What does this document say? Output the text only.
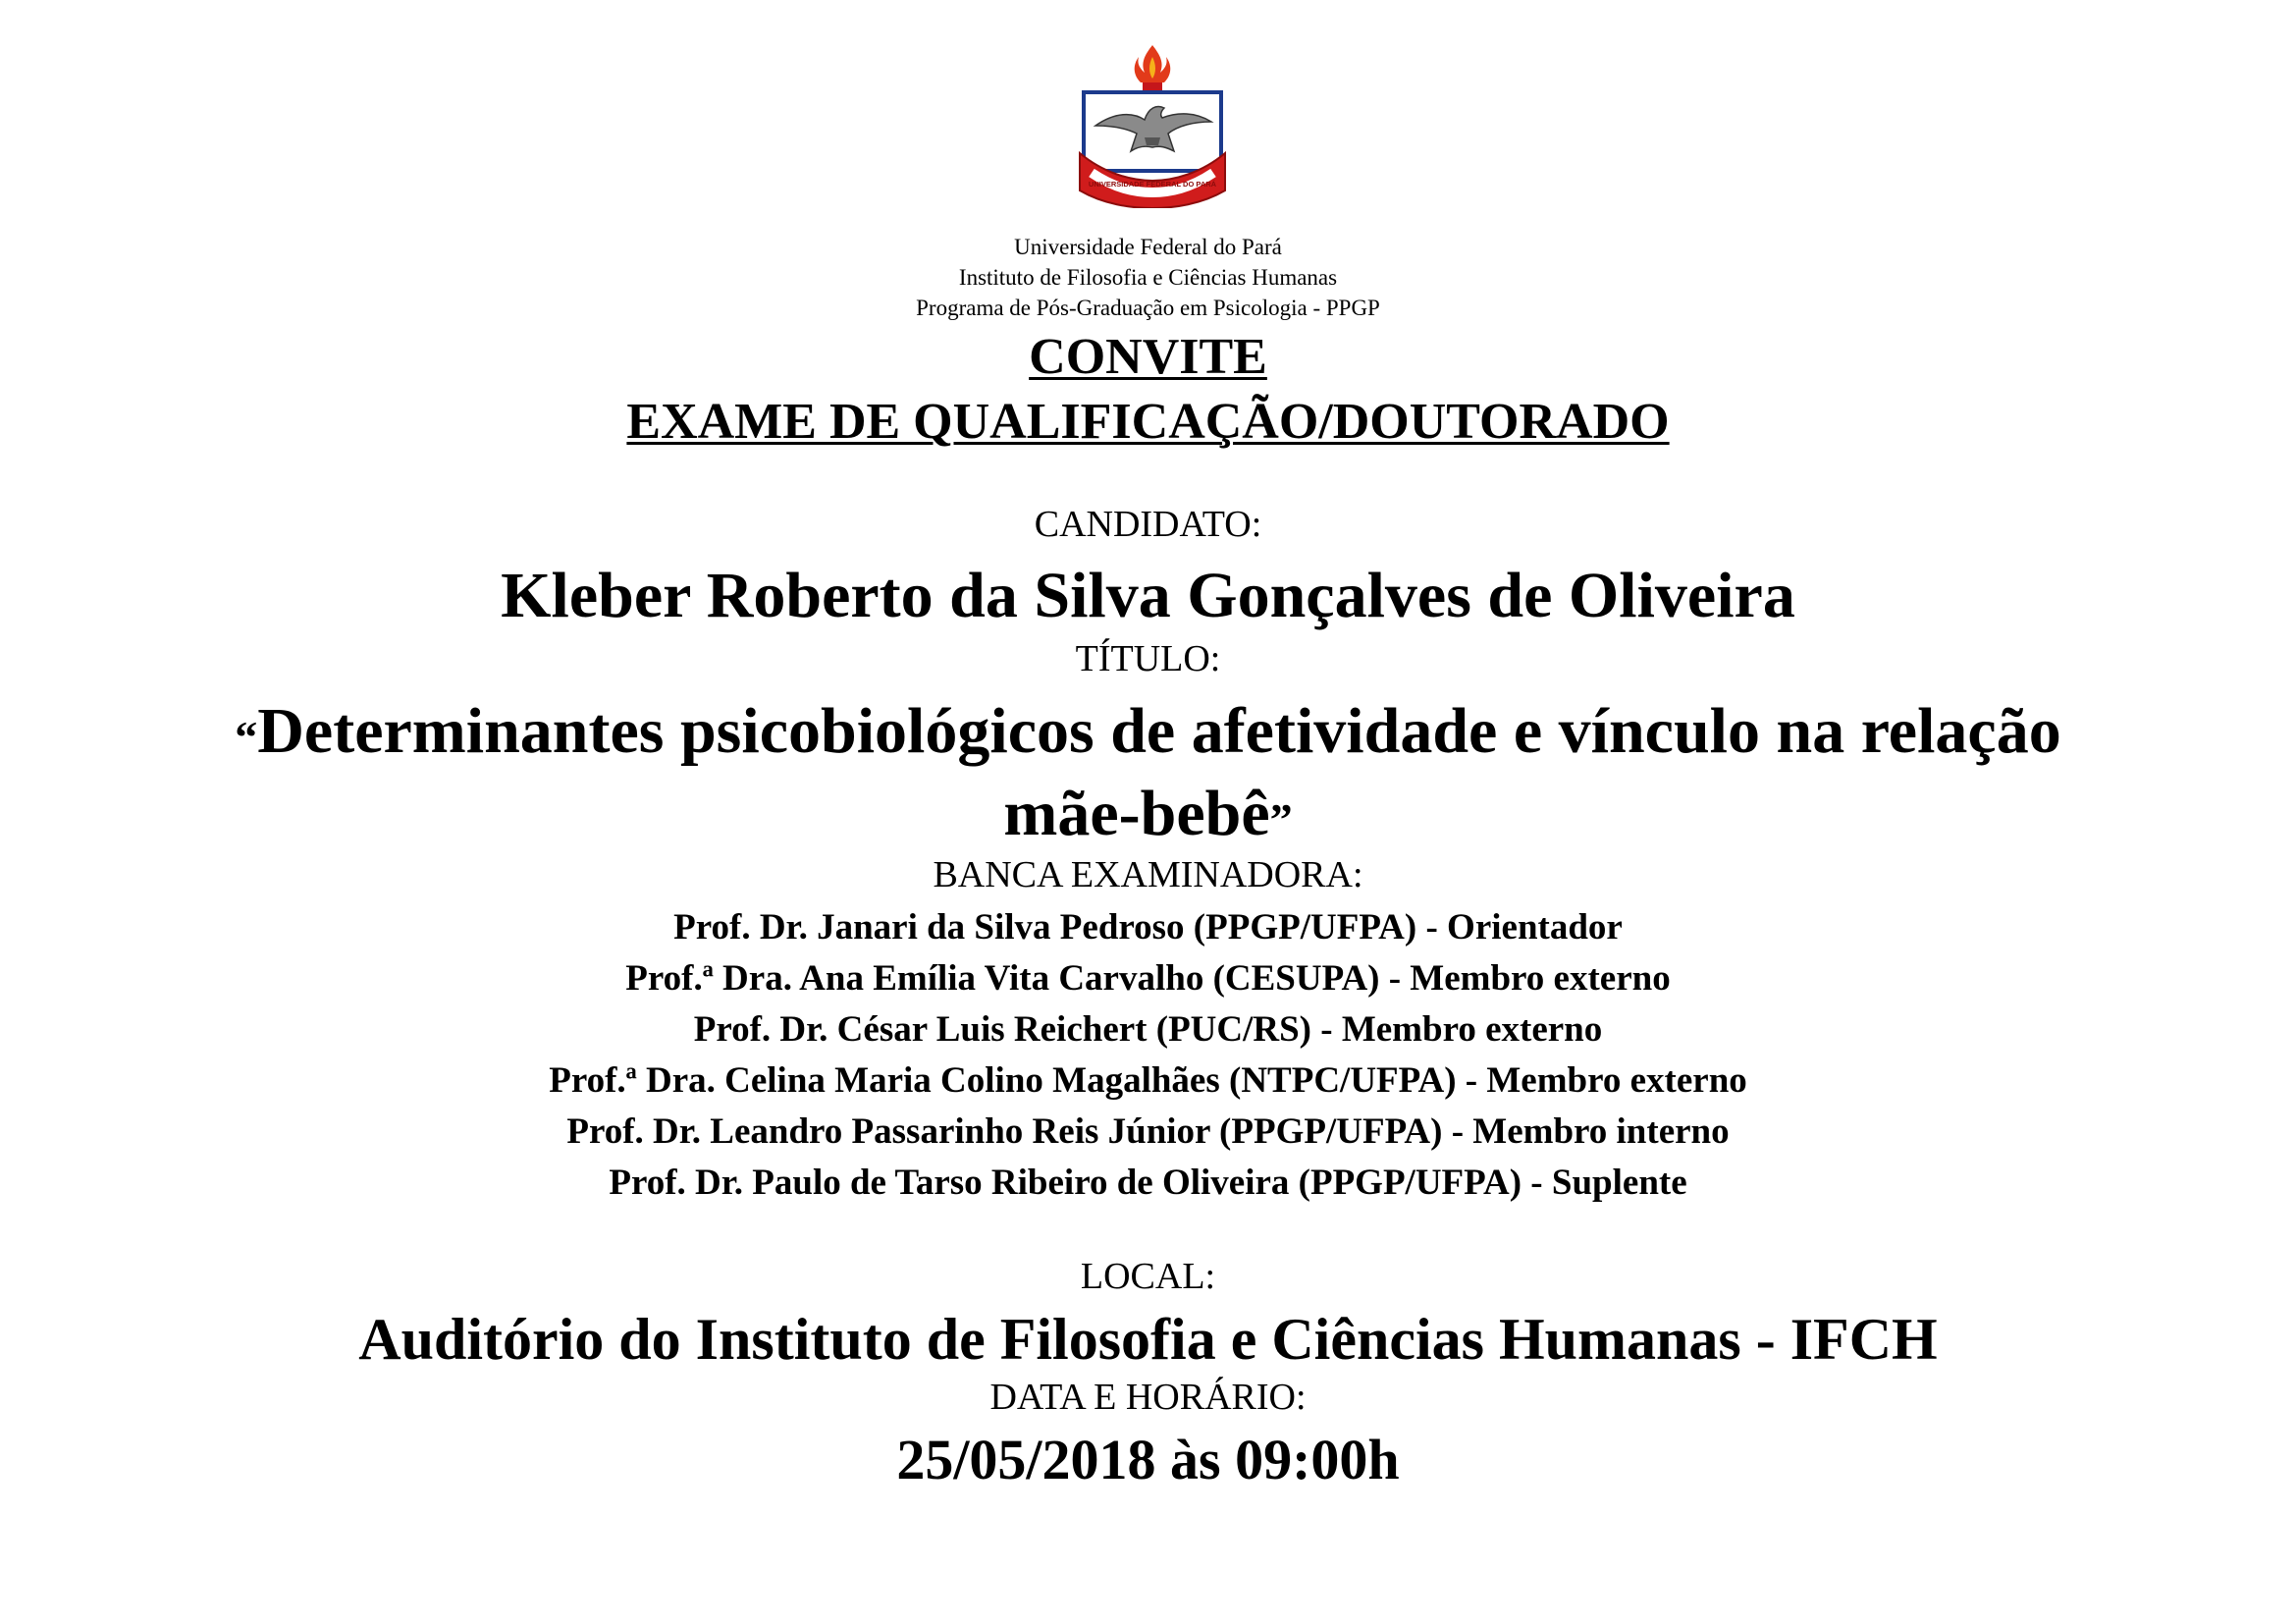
UNIVERSIDADE FEDERAL DO PARÁ
Universidade Federal do Pará
Instituto de Filosofia e Ciências Humanas
Programa de Pós-Graduação em Psicologia - PPGP
CONVITE
EXAME DE QUALIFICAÇÃO/DOUTORADO
CANDIDATO:
Kleber Roberto da Silva Gonçalves de Oliveira
TÍTULO:
“Determinantes psicobiológicos de afetividade e vínculo na relação
mãe-bebê”
BANCA EXAMINADORA:
Prof. Dr. Janari da Silva Pedroso (PPGP/UFPA) - Orientador
Prof.ª Dra. Ana Emília Vita Carvalho (CESUPA) - Membro externo
Prof. Dr. César Luis Reichert (PUC/RS) - Membro externo
Prof.ª Dra. Celina Maria Colino Magalhães (NTPC/UFPA) - Membro externo
Prof. Dr. Leandro Passarinho Reis Júnior (PPGP/UFPA) - Membro interno
Prof. Dr. Paulo de Tarso Ribeiro de Oliveira (PPGP/UFPA) - Suplente
LOCAL:
Auditório do Instituto de Filosofia e Ciências Humanas - IFCH
DATA E HORÁRIO:
25/05/2018 às 09:00h
